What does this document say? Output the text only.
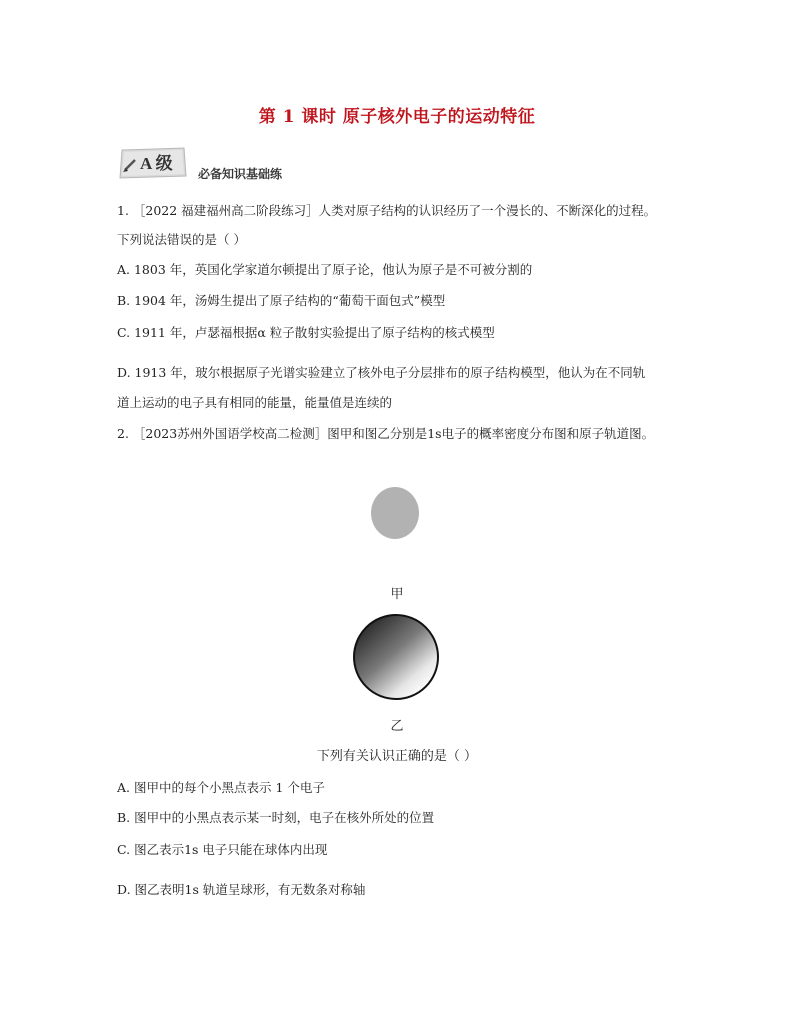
第 1 课时 原子核外电子的运动特征
A 级
必备知识基础练
1. ［2022 福建福州高二阶段练习］人类对原子结构的认识经历了一个漫长的、不断深化的过程。
下列说法错误的是（ ）
A. 1803 年，英国化学家道尔顿提出了原子论，他认为原子是不可被分割的
B. 1904 年，汤姆生提出了原子结构的“葡萄干面包式”模型
C. 1911 年，卢瑟福根据α 粒子散射实验提出了原子结构的核式模型
D. 1913 年，玻尔根据原子光谱实验建立了核外电子分层排布的原子结构模型，他认为在不同轨
道上运动的电子具有相同的能量，能量值是连续的
2. ［2023苏州外国语学校高二检测］图甲和图乙分别是1s电子的概率密度分布图和原子轨道图。
甲
乙
下列有关认识正确的是（ ）
A. 图甲中的每个小黑点表示 1 个电子
B. 图甲中的小黑点表示某一时刻，电子在核外所处的位置
C. 图乙表示1s 电子只能在球体内出现
D. 图乙表明1s 轨道呈球形，有无数条对称轴
